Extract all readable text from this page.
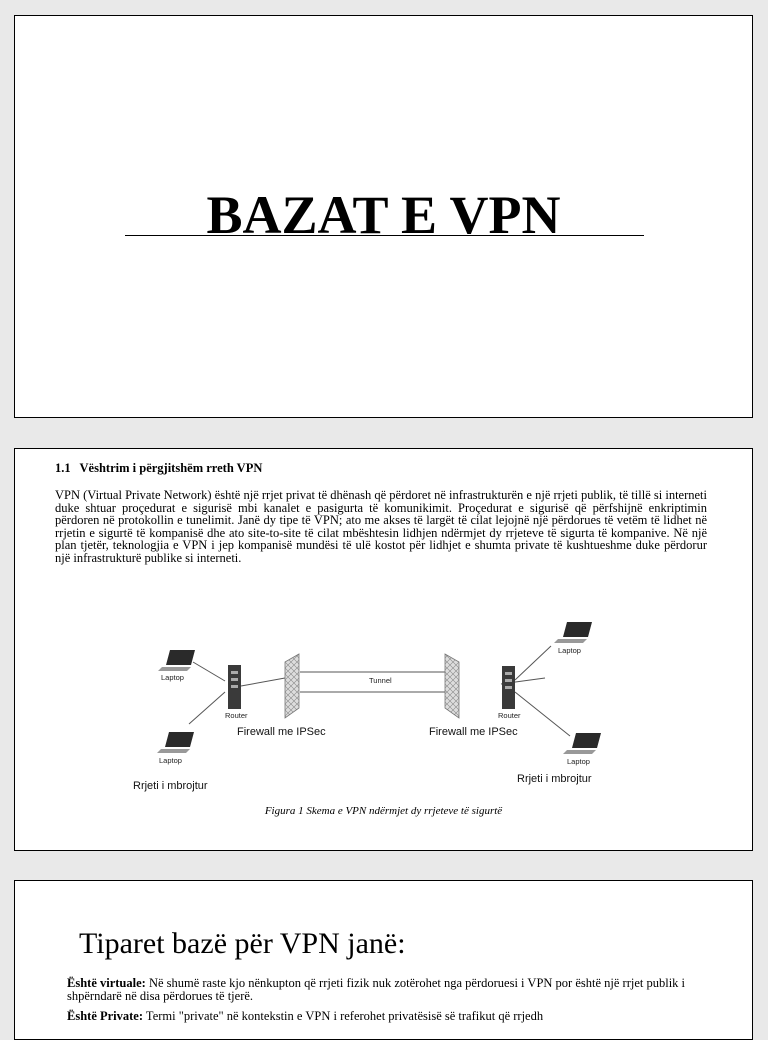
BAZAT E VPN
1.1 Vështrim i përgjitshëm rreth VPN

VPN (Virtual Private Network) është një rrjet privat të dhënash që përdoret në infrastrukturën e një rrjeti publik, të tillë si interneti duke shtuar proçedurat e sigurisë mbi kanalet e pasigurta të komunikimit. Proçedurat e sigurisë që përfshijnë enkriptimin përdoren në protokollin e tunelimit. Janë dy tipe të VPN; ato me akses të largët të cilat lejojnë një përdorues të vetëm të lidhet në rrjetin e sigurtë të kompanisë dhe ato site-to-site të cilat mbështesin lidhjen ndërmjet dy rrjeteve të sigurta të kompanive. Në një plan tjetër, teknologjia e VPN i jep kompanisë mundësi të ulë kostot për lidhjet e shumta private të kushtueshme duke përdorur një infrastrukturë publike si interneti.

Laptop
Laptop
Laptop
Laptop
Router	Router
Firewall me IPSec	Firewall me IPSec
Tunnel
Rrjeti i mbrojtur
Rrjeti i mbrojtur
Figura 1 Skema e VPN ndërmjet dy rrjeteve të sigurtë
Tiparet bazë për VPN janë:

Është virtuale: Në shumë raste kjo nënkupton që rrjeti fizik nuk zotërohet nga përdoruesi i VPN por është një rrjet publik i shpërndarë në disa përdorues të tjerë.

Është Private: Termi "private" në kontekstin e VPN i referohet privatësisë së trafikut që rrjedh
